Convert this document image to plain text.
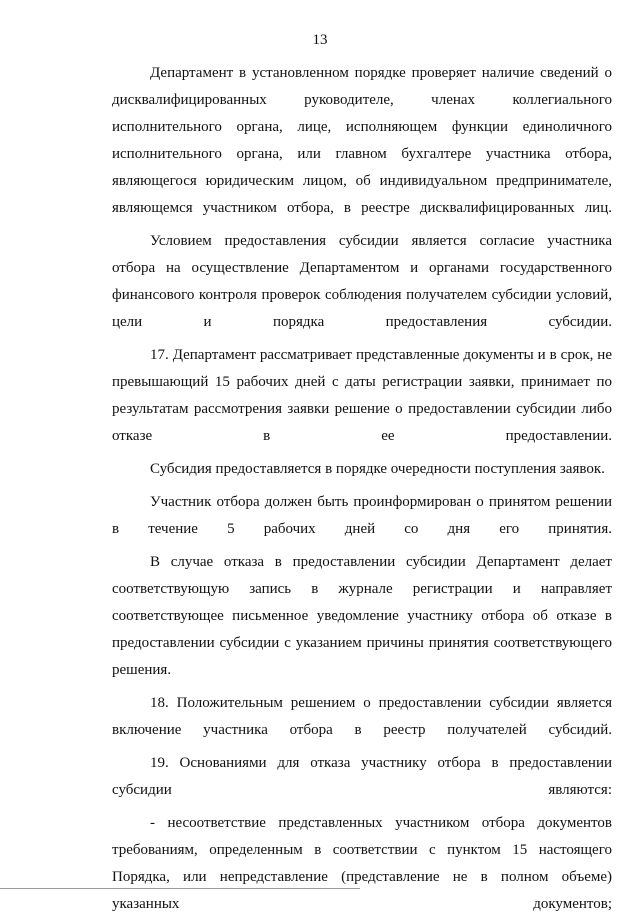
13

Департамент в установленном порядке проверяет наличие сведений о дисквалифицированных руководителе, членах коллегиального исполнительного органа, лице, исполняющем функции единоличного исполнительного органа, или главном бухгалтере участника отбора, являющегося юридическим лицом, об индивидуальном предпринимателе, являющемся участником отбора, в реестре дисквалифицированных лиц.

Условием предоставления субсидии является согласие участника отбора на осуществление Департаментом и органами государственного финансового контроля проверок соблюдения получателем субсидии условий, цели и порядка предоставления субсидии.

17. Департамент рассматривает представленные документы и в срок, не превышающий 15 рабочих дней с даты регистрации заявки, принимает по результатам рассмотрения заявки решение о предоставлении субсидии либо отказе в ее предоставлении.

Субсидия предоставляется в порядке очередности поступления заявок.

Участник отбора должен быть проинформирован о принятом решении в течение 5 рабочих дней со дня его принятия.

В случае отказа в предоставлении субсидии Департамент делает соответствующую запись в журнале регистрации и направляет соответствующее письменное уведомление участнику отбора об отказе в предоставлении субсидии с указанием причины принятия соответствующего решения.

18. Положительным решением о предоставлении субсидии является включение участника отбора в реестр получателей субсидий.

19. Основаниями для отказа участнику отбора в предоставлении субсидии являются:

- несоответствие представленных участником отбора документов требованиям, определенным в соответствии с пунктом 15 настоящего Порядка, или непредставление (представление не в полном объеме) указанных документов;
